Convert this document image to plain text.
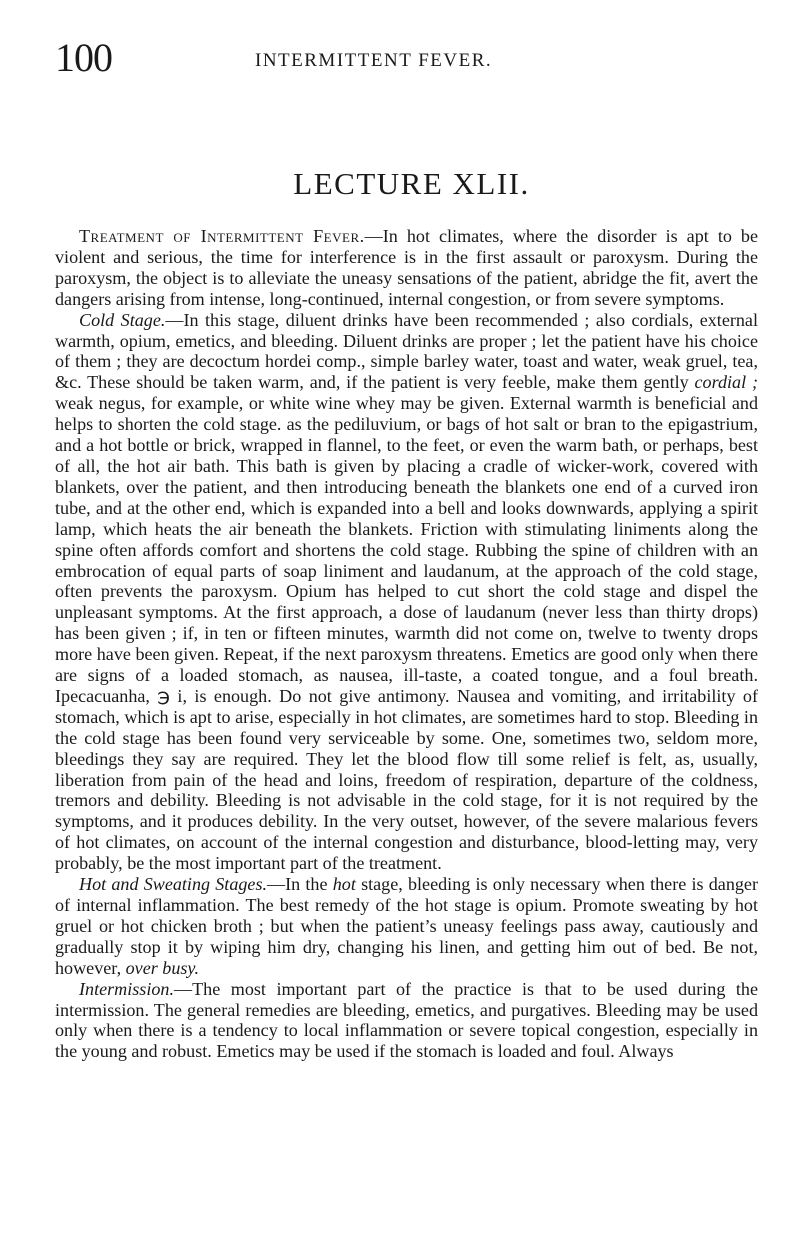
100	INTERMITTENT FEVER.
LECTURE XLII.

Treatment of Intermittent Fever.—In hot climates, where the disorder is apt to be violent and serious, the time for interference is in the first assault or paroxysm. During the paroxysm, the object is to alleviate the uneasy sensations of the patient, abridge the fit, avert the dangers arising from intense, long-continued, internal congestion, or from severe symptoms.

Cold Stage.—In this stage, diluent drinks have been recommended ; also cordials, external warmth, opium, emetics, and bleeding. Diluent drinks are proper ; let the patient have his choice of them ; they are decoctum hordei comp., simple barley water, toast and water, weak gruel, tea, &c. These should be taken warm, and, if the patient is very feeble, make them gently cordial ; weak negus, for example, or white wine whey may be given. External warmth is beneficial and helps to shorten the cold stage. as the pediluvium, or bags of hot salt or bran to the epigastrium, and a hot bottle or brick, wrapped in flannel, to the feet, or even the warm bath, or perhaps, best of all, the hot air bath. This bath is given by placing a cradle of wicker-work, covered with blankets, over the patient, and then introducing beneath the blankets one end of a curved iron tube, and at the other end, which is expanded into a bell and looks downwards, applying a spirit lamp, which heats the air beneath the blankets. Friction with stimulating liniments along the spine often affords comfort and shortens the cold stage. Rubbing the spine of children with an embrocation of equal parts of soap liniment and laudanum, at the approach of the cold stage, often prevents the paroxysm. Opium has helped to cut short the cold stage and dispel the unpleasant symptoms. At the first approach, a dose of laudanum (never less than thirty drops) has been given ; if, in ten or fifteen minutes, warmth did not come on, twelve to twenty drops more have been given. Repeat, if the next paroxysm threatens. Emetics are good only when there are signs of a loaded stomach, as nausea, ill-taste, a coated tongue, and a foul breath. Ipecacuanha, ℈ i, is enough. Do not give antimony. Nausea and vomiting, and irritability of stomach, which is apt to arise, especially in hot climates, are sometimes hard to stop. Bleeding in the cold stage has been found very serviceable by some. One, sometimes two, seldom more, bleedings they say are required. They let the blood flow till some relief is felt, as, usually, liberation from pain of the head and loins, freedom of respiration, departure of the coldness, tremors and debility. Bleeding is not advisable in the cold stage, for it is not required by the symptoms, and it produces debility. In the very outset, however, of the severe malarious fevers of hot climates, on account of the internal congestion and disturbance, blood-letting may, very probably, be the most important part of the treatment.

Hot and Sweating Stages.—In the hot stage, bleeding is only necessary when there is danger of internal inflammation. The best remedy of the hot stage is opium. Promote sweating by hot gruel or hot chicken broth ; but when the patient’s uneasy feelings pass away, cautiously and gradually stop it by wiping him dry, changing his linen, and getting him out of bed. Be not, however, over busy.

Intermission.—The most important part of the practice is that to be used during the intermission. The general remedies are bleeding, emetics, and purgatives. Bleeding may be used only when there is a tendency to local inflammation or severe topical congestion, especially in the young and robust. Emetics may be used if the stomach is loaded and foul. Always
